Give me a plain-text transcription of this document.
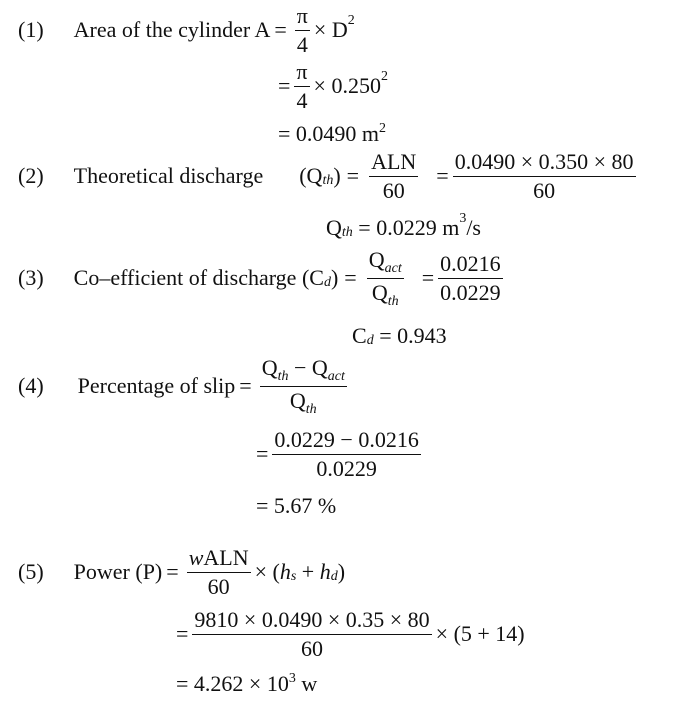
(1) Area of the cylinder $A = \frac{\pi}{4}$ ×
D 2
= $\frac{\pi}{4}$ ×
0.250 2
= 0.0490 $m^2$
(2) Theoretical discharge ( Q th ) = $\frac{\text{ALN}}{60} = \frac{0.0490 \times 0.350 \times 80}{60}$
Q th
= 0.0229 m 3 /s
(3) Co–efficient of discharge
( C d ) = $\frac{Q_{act}}{Q_{th}} = \frac{0.0216}{0.0229}$
C d
= 0.943
(4) Percentage of slip = $\frac{Q_{th} - Q_{act}}{Q_{th}}$
= $\frac{0.0229 - 0.0216}{0.0229}$
= 5.67 %
(5) Power $(P) = \frac{\text{wALN}}{60}$ × ( h s
+
h d )
= $\frac{9810 \times 0.0490 \times 0.35 \times 80}{60} \times (5 + 14)$
= $4.262 \times 10^3$ w
